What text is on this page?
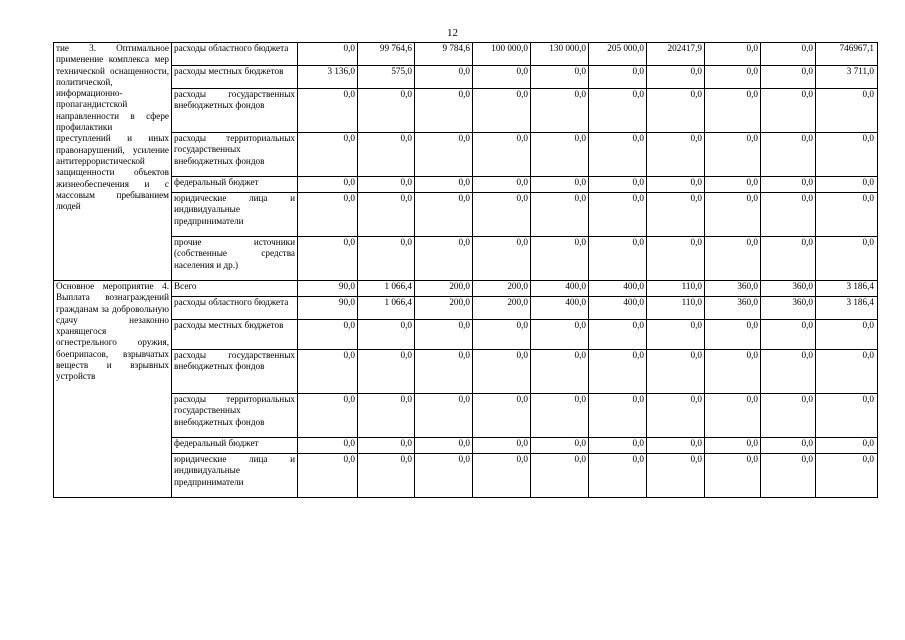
12
тие 3. Оптимальное применение комплекса мер технической оснащенности, политической, информационно-пропагандистской направленности в сфере профилактики преступлений и иных правонарушений, усиление антитеррористической защищенности объектов жизнеобеспечения и с массовым пребыванием людей	расходы областного бюджета	0,0	99 764,6	9 784,6	100 000,0	130 000,0	205 000,0	202417,9	0,0	0,0	746967,1
	расходы местных бюджетов	3 136,0	575,0	0,0	0,0	0,0	0,0	0,0	0,0	0,0	3 711,0
	расходы государственных внебюджетных фондов	0,0	0,0	0,0	0,0	0,0	0,0	0,0	0,0	0,0	0,0
	расходы территориальных государственных внебюджетных фондов	0,0	0,0	0,0	0,0	0,0	0,0	0,0	0,0	0,0	0,0
	федеральный бюджет	0,0	0,0	0,0	0,0	0,0	0,0	0,0	0,0	0,0	0,0
	юридические лица и индивидуальные предприниматели	0,0	0,0	0,0	0,0	0,0	0,0	0,0	0,0	0,0	0,0
	прочие источники (собственные средства населения и др.)	0,0	0,0	0,0	0,0	0,0	0,0	0,0	0,0	0,0	0,0
Основное мероприятие 4. Выплата вознаграждений гражданам за добровольную сдачу незаконно хранящегося огнестрельного оружия, боеприпасов, взрывчатых веществ и взрывных устройств	Всего	90,0	1 066,4	200,0	200,0	400,0	400,0	110,0	360,0	360,0	3 186,4
	расходы областного бюджета	90,0	1 066,4	200,0	200,0	400,0	400,0	110,0	360,0	360,0	3 186,4
	расходы местных бюджетов	0,0	0,0	0,0	0,0	0,0	0,0	0,0	0,0	0,0	0,0
	расходы государственных внебюджетных фондов	0,0	0,0	0,0	0,0	0,0	0,0	0,0	0,0	0,0	0,0
	расходы территориальных государственных внебюджетных фондов	0,0	0,0	0,0	0,0	0,0	0,0	0,0	0,0	0,0	0,0
	федеральный бюджет	0,0	0,0	0,0	0,0	0,0	0,0	0,0	0,0	0,0	0,0
	юридические лица и индивидуальные предприниматели	0,0	0,0	0,0	0,0	0,0	0,0	0,0	0,0	0,0	0,0
